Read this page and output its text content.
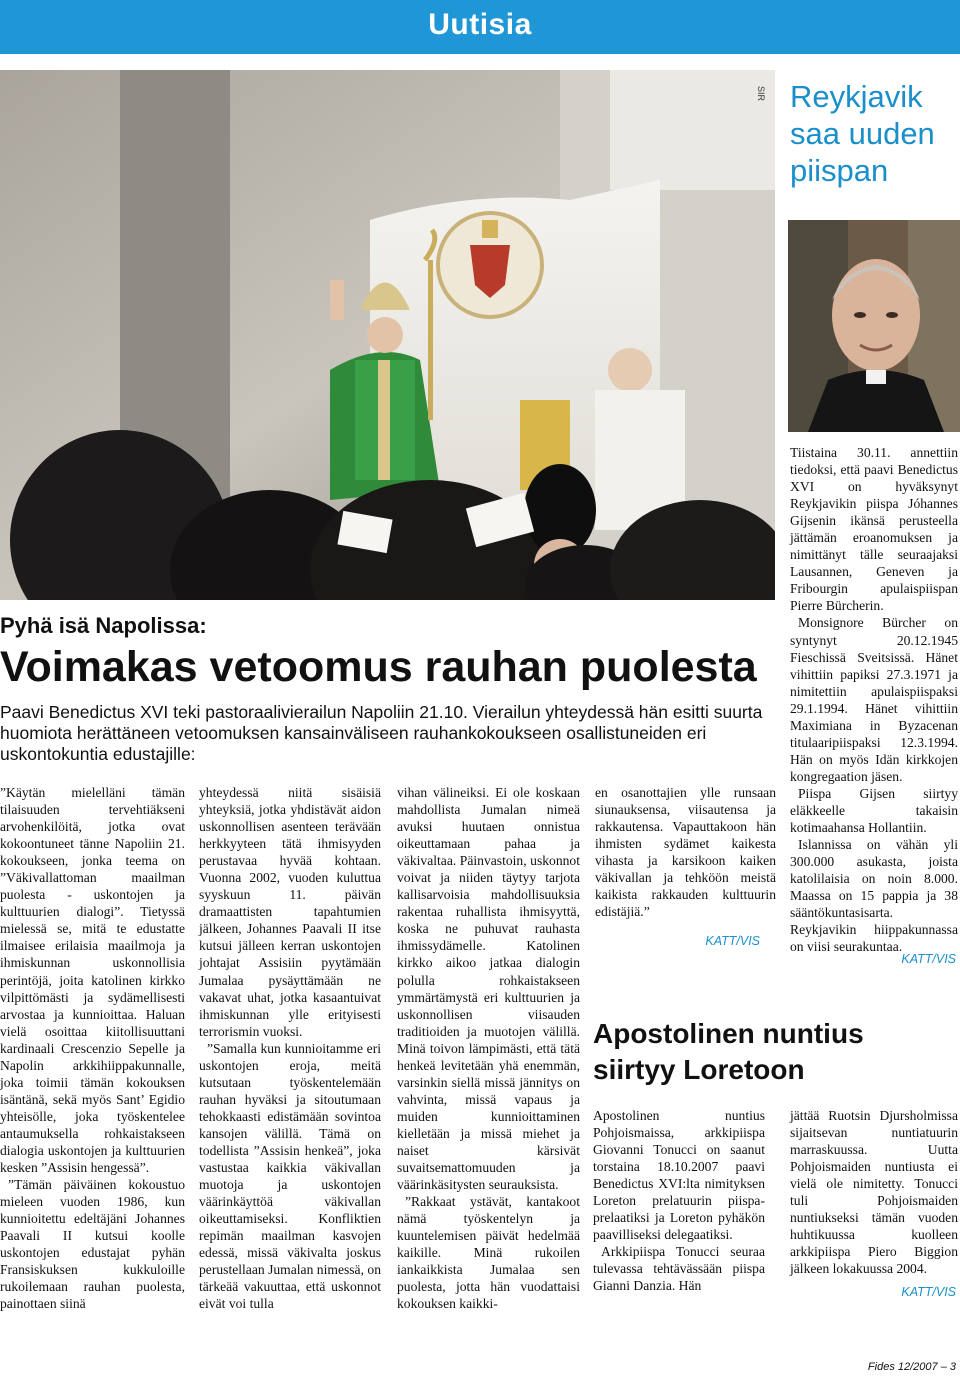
Uutisia
SIR Reykjavik saa uuden piispan
Pyhä isä Napolissa:
Voimakas vetoomus rauhan puolesta
Paavi Benedictus XVI teki pastoraalivierailun Napoliin 21.10. Vierailun yhteydessä hän esitti suurta huomiota herättäneen vetoomuksen kansainväliseen rauhankokoukseen osallistuneiden eri uskontokuntia edustajille:

”Käytän mielelläni tämän tilaisuuden tervehtiäkseni arvohenkilöitä, jotka ovat kokoontuneet tänne Napoliin 21. kokoukseen, jonka teema on ”Väkivallattoman maailman puolesta - uskontojen ja kulttuurien dialogi”. Tietyssä mielessä se, mitä te edustatte ilmaisee erilaisia maailmoja ja ihmiskunnan uskonnollisia perintöjä, joita katolinen kirkko vilpittömästi ja sydämellisesti arvostaa ja kunnioittaa. Haluan vielä osoittaa kiitollisuuttani kardinaali Crescenzio Sepelle ja Napolin arkkihiippakunnalle, joka toimii tämän kokouksen isäntänä, sekä myös Sant’ Egidio yhteisölle, joka työskentelee antaumuksella rohkaistakseen dialogia uskontojen ja kulttuurien kesken ”Assisin hengessä”.

”Tämän päiväinen kokoustuo mieleen vuoden 1986, kun kunnioitettu edeltäjäni Johannes Paavali II kutsui koolle uskontojen edustajat pyhän Fransiskuksen kukkuloille rukoilemaan rauhan puolesta, painottaen siinä

yhteydessä niitä sisäisiä yhteyksiä, jotka yhdistävät aidon uskonnollisen asenteen terävään herkkyyteen tätä ihmisyyden perustavaa hyvää kohtaan. Vuonna 2002, vuoden kuluttua syyskuun 11. päivän dramaattisten tapahtumien jälkeen, Johannes Paavali II itse kutsui jälleen kerran uskontojen johtajat Assisiin pyytämään Jumalaa pysäyttämään ne vakavat uhat, jotka kasaantuivat ihmiskunnan ylle erityisesti terrorismin vuoksi.

”Samalla kun kunnioitamme eri uskontojen eroja, meitä kutsutaan työskentelemään rauhan hyväksi ja sitoutumaan tehokkaasti edistämään sovintoa kansojen välillä. Tämä on todellista ”Assisin henkeä”, joka vastustaa kaikkia väkivallan muotoja ja uskontojen väärinkäyttöä väkivallan oikeuttamiseksi. Konfliktien repimän maailman kasvojen edessä, missä väkivalta joskus perustellaan Jumalan nimessä, on tärkeää vakuuttaa, että uskonnot eivät voi tulla

vihan välineiksi. Ei ole koskaan mahdollista Jumalan nimeä avuksi huutaen onnistua oikeuttamaan pahaa ja väkivaltaa. Päinvastoin, uskonnot voivat ja niiden täytyy tarjota kallisarvoisia mahdollisuuksia rakentaa ruhallista ihmisyyttä, koska ne puhuvat rauhasta ihmissydämelle. Katolinen kirkko aikoo jatkaa dialogin polulla rohkaistakseen ymmärtämystä eri kulttuurien ja uskonnollisen viisauden traditioiden ja muotojen välillä. Minä toivon lämpimästi, että tätä henkeä levitetään yhä enemmän, varsinkin siellä missä jännitys on vahvinta, missä vapaus ja muiden kunnioittaminen kielletään ja missä miehet ja naiset kärsivät suvaitsemattomuuden ja väärinkäsitysten seurauksista.

”Rakkaat ystävät, kantakoot nämä työskentelyn ja kuuntelemisen päivät hedelmää kaikille. Minä rukoilen iankaikkista Jumalaa sen puolesta, jotta hän vuodattaisi kokouksen kaikki-

en osanottajien ylle runsaan siunauksensa, viisautensa ja rakkautensa. Vapauttakoon hän ihmisten sydämet kaikesta vihasta ja karsikoon kaiken väkivallan ja tehköön meistä kaikista rakkauden kulttuurin edistäjiä.”

KATT/VIS

Tiistaina 30.11. annettiin tiedoksi, että paavi Benedictus XVI on hyväksynyt Reykjavikin piispa Jóhannes Gijsenin ikänsä perusteella jättämän eroanomuksen ja nimittänyt tälle seuraajaksi Lausannen, Geneven ja Fribourgin apulaispiispan Pierre Bürcherin.

Monsignore Bürcher on syntynyt 20.12.1945 Fieschissä Sveitsissä. Hänet vihittiin papiksi 27.3.1971 ja nimitettiin apulaispiispaksi 29.1.1994. Hänet vihittiin Maximiana in Byzacenan titulaaripiispaksi 12.3.1994. Hän on myös Idän kirkkojen kongregaation jäsen.

Piispa Gijsen siirtyy eläkkeelle takaisin kotimaahansa Hollantiin.

Islannissa on vähän yli 300.000 asukasta, joista katolilaisia on noin 8.000. Maassa on 15 pappia ja 38 sääntökuntasisarta. Reykjavikin hiippakunnassa on viisi seurakuntaa.

KATT/VIS
Apostolinen nuntius siirtyy Loretoon

Apostolinen nuntius Pohjoismaissa, arkkipiispa Giovanni Tonucci on saanut torstaina 18.10.2007 paavi Benedictus XVI:lta nimityksen Loreton prelatuurin piispa-prelaatiksi ja Loreton pyhäkön paavilliseksi delegaatiksi.

Arkkipiispa Tonucci seuraa tulevassa tehtävässään piispa Gianni Danzia. Hän

jättää Ruotsin Djursholmissa sijaitsevan nuntiatuurin marraskuussa. Uutta Pohjoismaiden nuntiusta ei vielä ole nimitetty. Tonucci tuli Pohjoismaiden nuntiukseksi tämän vuoden huhtikuussa kuolleen arkkipiispa Piero Biggion jälkeen lokakuussa 2004.

KATT/VIS
Fides 12/2007 – 3
